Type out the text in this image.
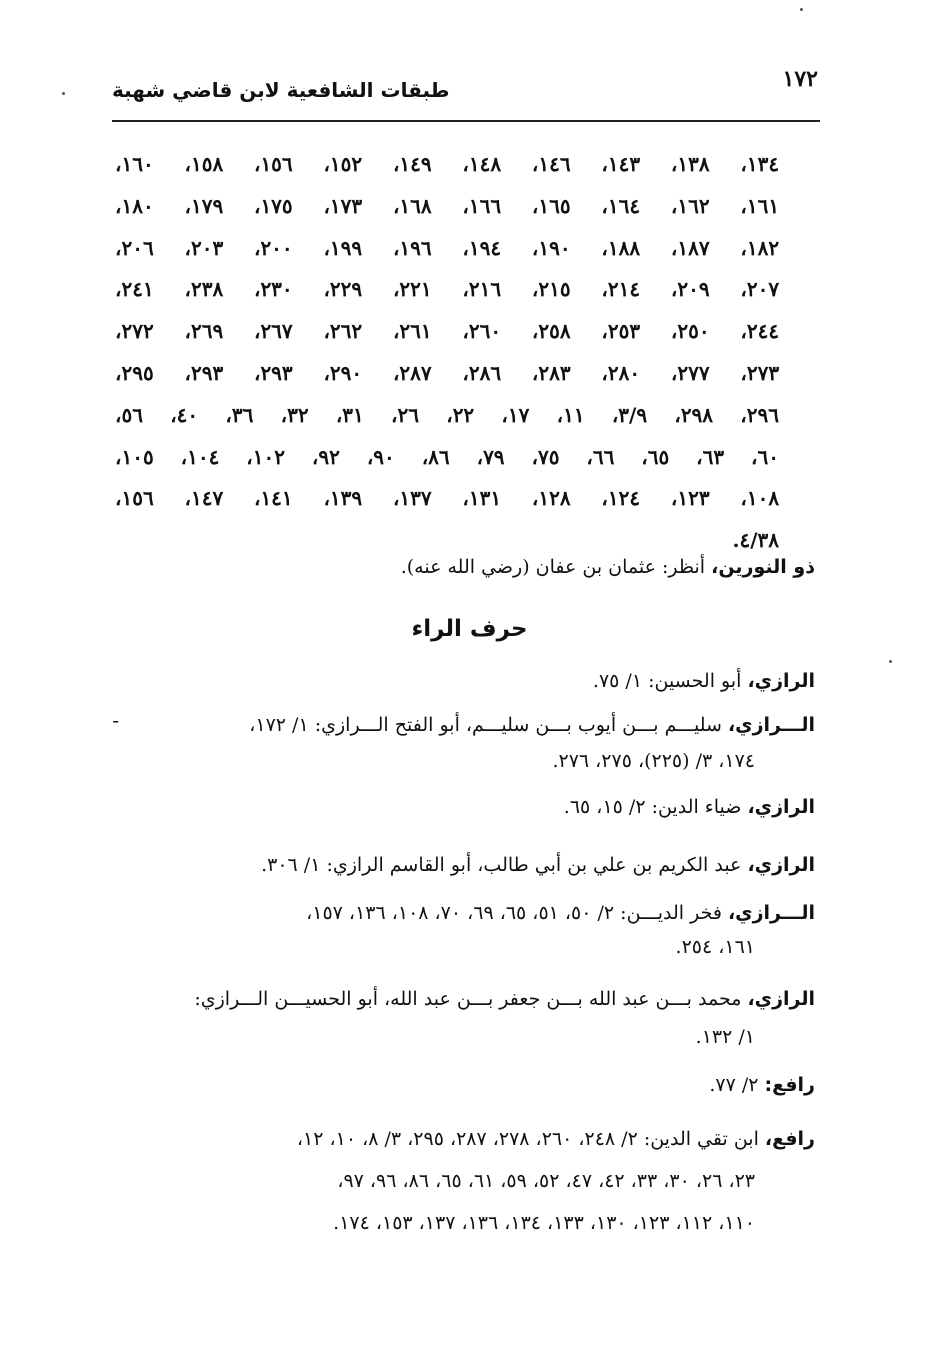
١٧٢
طبقات الشافعية لابن قاضي شهبة
١٣٤، ١٣٨، ١٤٣، ١٤٦، ١٤٨، ١٤٩، ١٥٢، ١٥٦، ١٥٨، ١٦٠،
١٦١، ١٦٢، ١٦٤، ١٦٥، ١٦٦، ١٦٨، ١٧٣، ١٧٥، ١٧٩، ١٨٠،
١٨٢، ١٨٧، ١٨٨، ١٩٠، ١٩٤، ١٩٦، ١٩٩، ٢٠٠، ٢٠٣، ٢٠٦،
٢٠٧، ٢٠٩، ٢١٤، ٢١٥، ٢١٦، ٢٢١، ٢٢٩، ٢٣٠، ٢٣٨، ٢٤١،
٢٤٤، ٢٥٠، ٢٥٣، ٢٥٨، ٢٦٠، ٢٦١، ٢٦٢، ٢٦٧، ٢٦٩، ٢٧٢،
٢٧٣، ٢٧٧، ٢٨٠، ٢٨٣، ٢٨٦، ٢٨٧، ٢٩٠، ٢٩٣، ٢٩٣، ٢٩٥،
٢٩٦، ٢٩٨، ٣/٩، ١١، ١٧، ٢٢، ٢٦، ٣١، ٣٢، ٣٦، ٤٠، ٥٦،
٦٠، ٦٣، ٦٥، ٦٦، ٧٥، ٧٩، ٨٦، ٩٠، ٩٢، ١٠٢، ١٠٤، ١٠٥،
١٠٨، ١٢٣، ١٢٤، ١٢٨، ١٣١، ١٣٧، ١٣٩، ١٤١، ١٤٧، ١٥٦،
٤/٣٨.
ذو النورين، أنظر: عثمان بن عفان (رضي الله عنه).
حرف الراء
-
الرازي، أبو الحسين: ١/ ٧٥.
الـــرازي، سليـــم بـــن أيوب بـــن سليـــم، أبو الفتح الـــرازي: ١/ ١٧٢،
١٧٤، ٣/ (٢٢٥)، ٢٧٥، ٢٧٦.
الرازي، ضياء الدين: ٢/ ١٥، ٦٥.
الرازي، عبد الكريم بن علي بن أبي طالب، أبو القاسم الرازي: ١/ ٣٠٦.
الـــرازي، فخر الديـــن: ٢/ ٥٠، ٥١، ٦٥، ٦٩، ٧٠، ١٠٨، ١٣٦، ١٥٧،
١٦١، ٢٥٤.
الرازي، محمد بـــن عبد الله بـــن جعفر بـــن عبد الله، أبو الحسيـــن الـــرازي:
١/ ١٣٢.
رافع: ٢/ ٧٧.
رافع، ابن تقي الدين: ٢/ ٢٤٨، ٢٦٠، ٢٧٨، ٢٨٧، ٢٩٥، ٣/ ٨، ١٠، ١٢،
٢٣، ٢٦، ٣٠، ٣٣، ٤٢، ٤٧، ٥٢، ٥٩، ٦١، ٦٥، ٨٦، ٩٦، ٩٧،
١١٠، ١١٢، ١٢٣، ١٣٠، ١٣٣، ١٣٤، ١٣٦، ١٣٧، ١٥٣، ١٧٤.
